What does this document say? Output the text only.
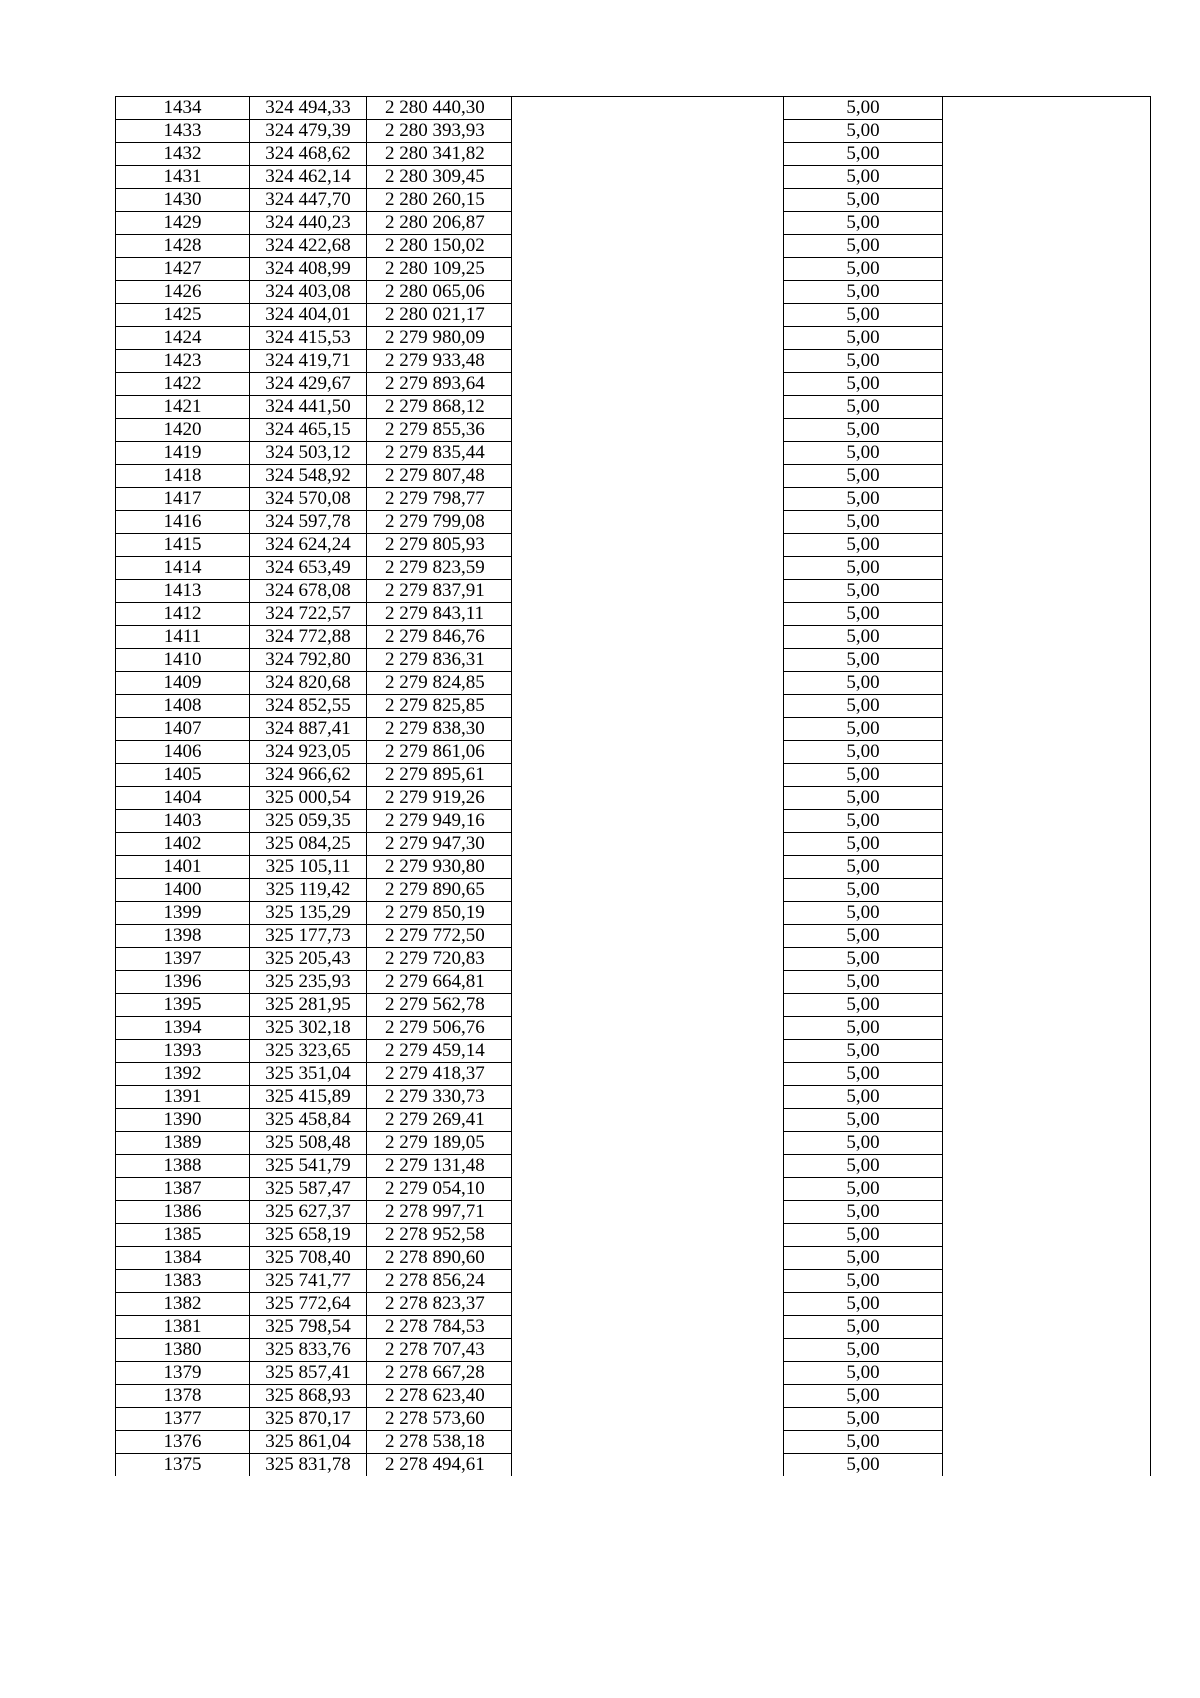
1434	324 494,33	2 280 440,30		5,00	
1433	324 479,39	2 280 393,93		5,00	
1432	324 468,62	2 280 341,82		5,00	
1431	324 462,14	2 280 309,45		5,00	
1430	324 447,70	2 280 260,15		5,00	
1429	324 440,23	2 280 206,87		5,00	
1428	324 422,68	2 280 150,02		5,00	
1427	324 408,99	2 280 109,25		5,00	
1426	324 403,08	2 280 065,06		5,00	
1425	324 404,01	2 280 021,17		5,00	
1424	324 415,53	2 279 980,09		5,00	
1423	324 419,71	2 279 933,48		5,00	
1422	324 429,67	2 279 893,64		5,00	
1421	324 441,50	2 279 868,12		5,00	
1420	324 465,15	2 279 855,36		5,00	
1419	324 503,12	2 279 835,44		5,00	
1418	324 548,92	2 279 807,48		5,00	
1417	324 570,08	2 279 798,77		5,00	
1416	324 597,78	2 279 799,08		5,00	
1415	324 624,24	2 279 805,93		5,00	
1414	324 653,49	2 279 823,59		5,00	
1413	324 678,08	2 279 837,91		5,00	
1412	324 722,57	2 279 843,11		5,00	
1411	324 772,88	2 279 846,76		5,00	
1410	324 792,80	2 279 836,31		5,00	
1409	324 820,68	2 279 824,85		5,00	
1408	324 852,55	2 279 825,85		5,00	
1407	324 887,41	2 279 838,30		5,00	
1406	324 923,05	2 279 861,06		5,00	
1405	324 966,62	2 279 895,61		5,00	
1404	325 000,54	2 279 919,26		5,00	
1403	325 059,35	2 279 949,16		5,00	
1402	325 084,25	2 279 947,30		5,00	
1401	325 105,11	2 279 930,80		5,00	
1400	325 119,42	2 279 890,65		5,00	
1399	325 135,29	2 279 850,19		5,00	
1398	325 177,73	2 279 772,50		5,00	
1397	325 205,43	2 279 720,83		5,00	
1396	325 235,93	2 279 664,81		5,00	
1395	325 281,95	2 279 562,78		5,00	
1394	325 302,18	2 279 506,76		5,00	
1393	325 323,65	2 279 459,14		5,00	
1392	325 351,04	2 279 418,37		5,00	
1391	325 415,89	2 279 330,73		5,00	
1390	325 458,84	2 279 269,41		5,00	
1389	325 508,48	2 279 189,05		5,00	
1388	325 541,79	2 279 131,48		5,00	
1387	325 587,47	2 279 054,10		5,00	
1386	325 627,37	2 278 997,71		5,00	
1385	325 658,19	2 278 952,58		5,00	
1384	325 708,40	2 278 890,60		5,00	
1383	325 741,77	2 278 856,24		5,00	
1382	325 772,64	2 278 823,37		5,00	
1381	325 798,54	2 278 784,53		5,00	
1380	325 833,76	2 278 707,43		5,00	
1379	325 857,41	2 278 667,28		5,00	
1378	325 868,93	2 278 623,40		5,00	
1377	325 870,17	2 278 573,60		5,00	
1376	325 861,04	2 278 538,18		5,00	
1375	325 831,78	2 278 494,61		5,00	
